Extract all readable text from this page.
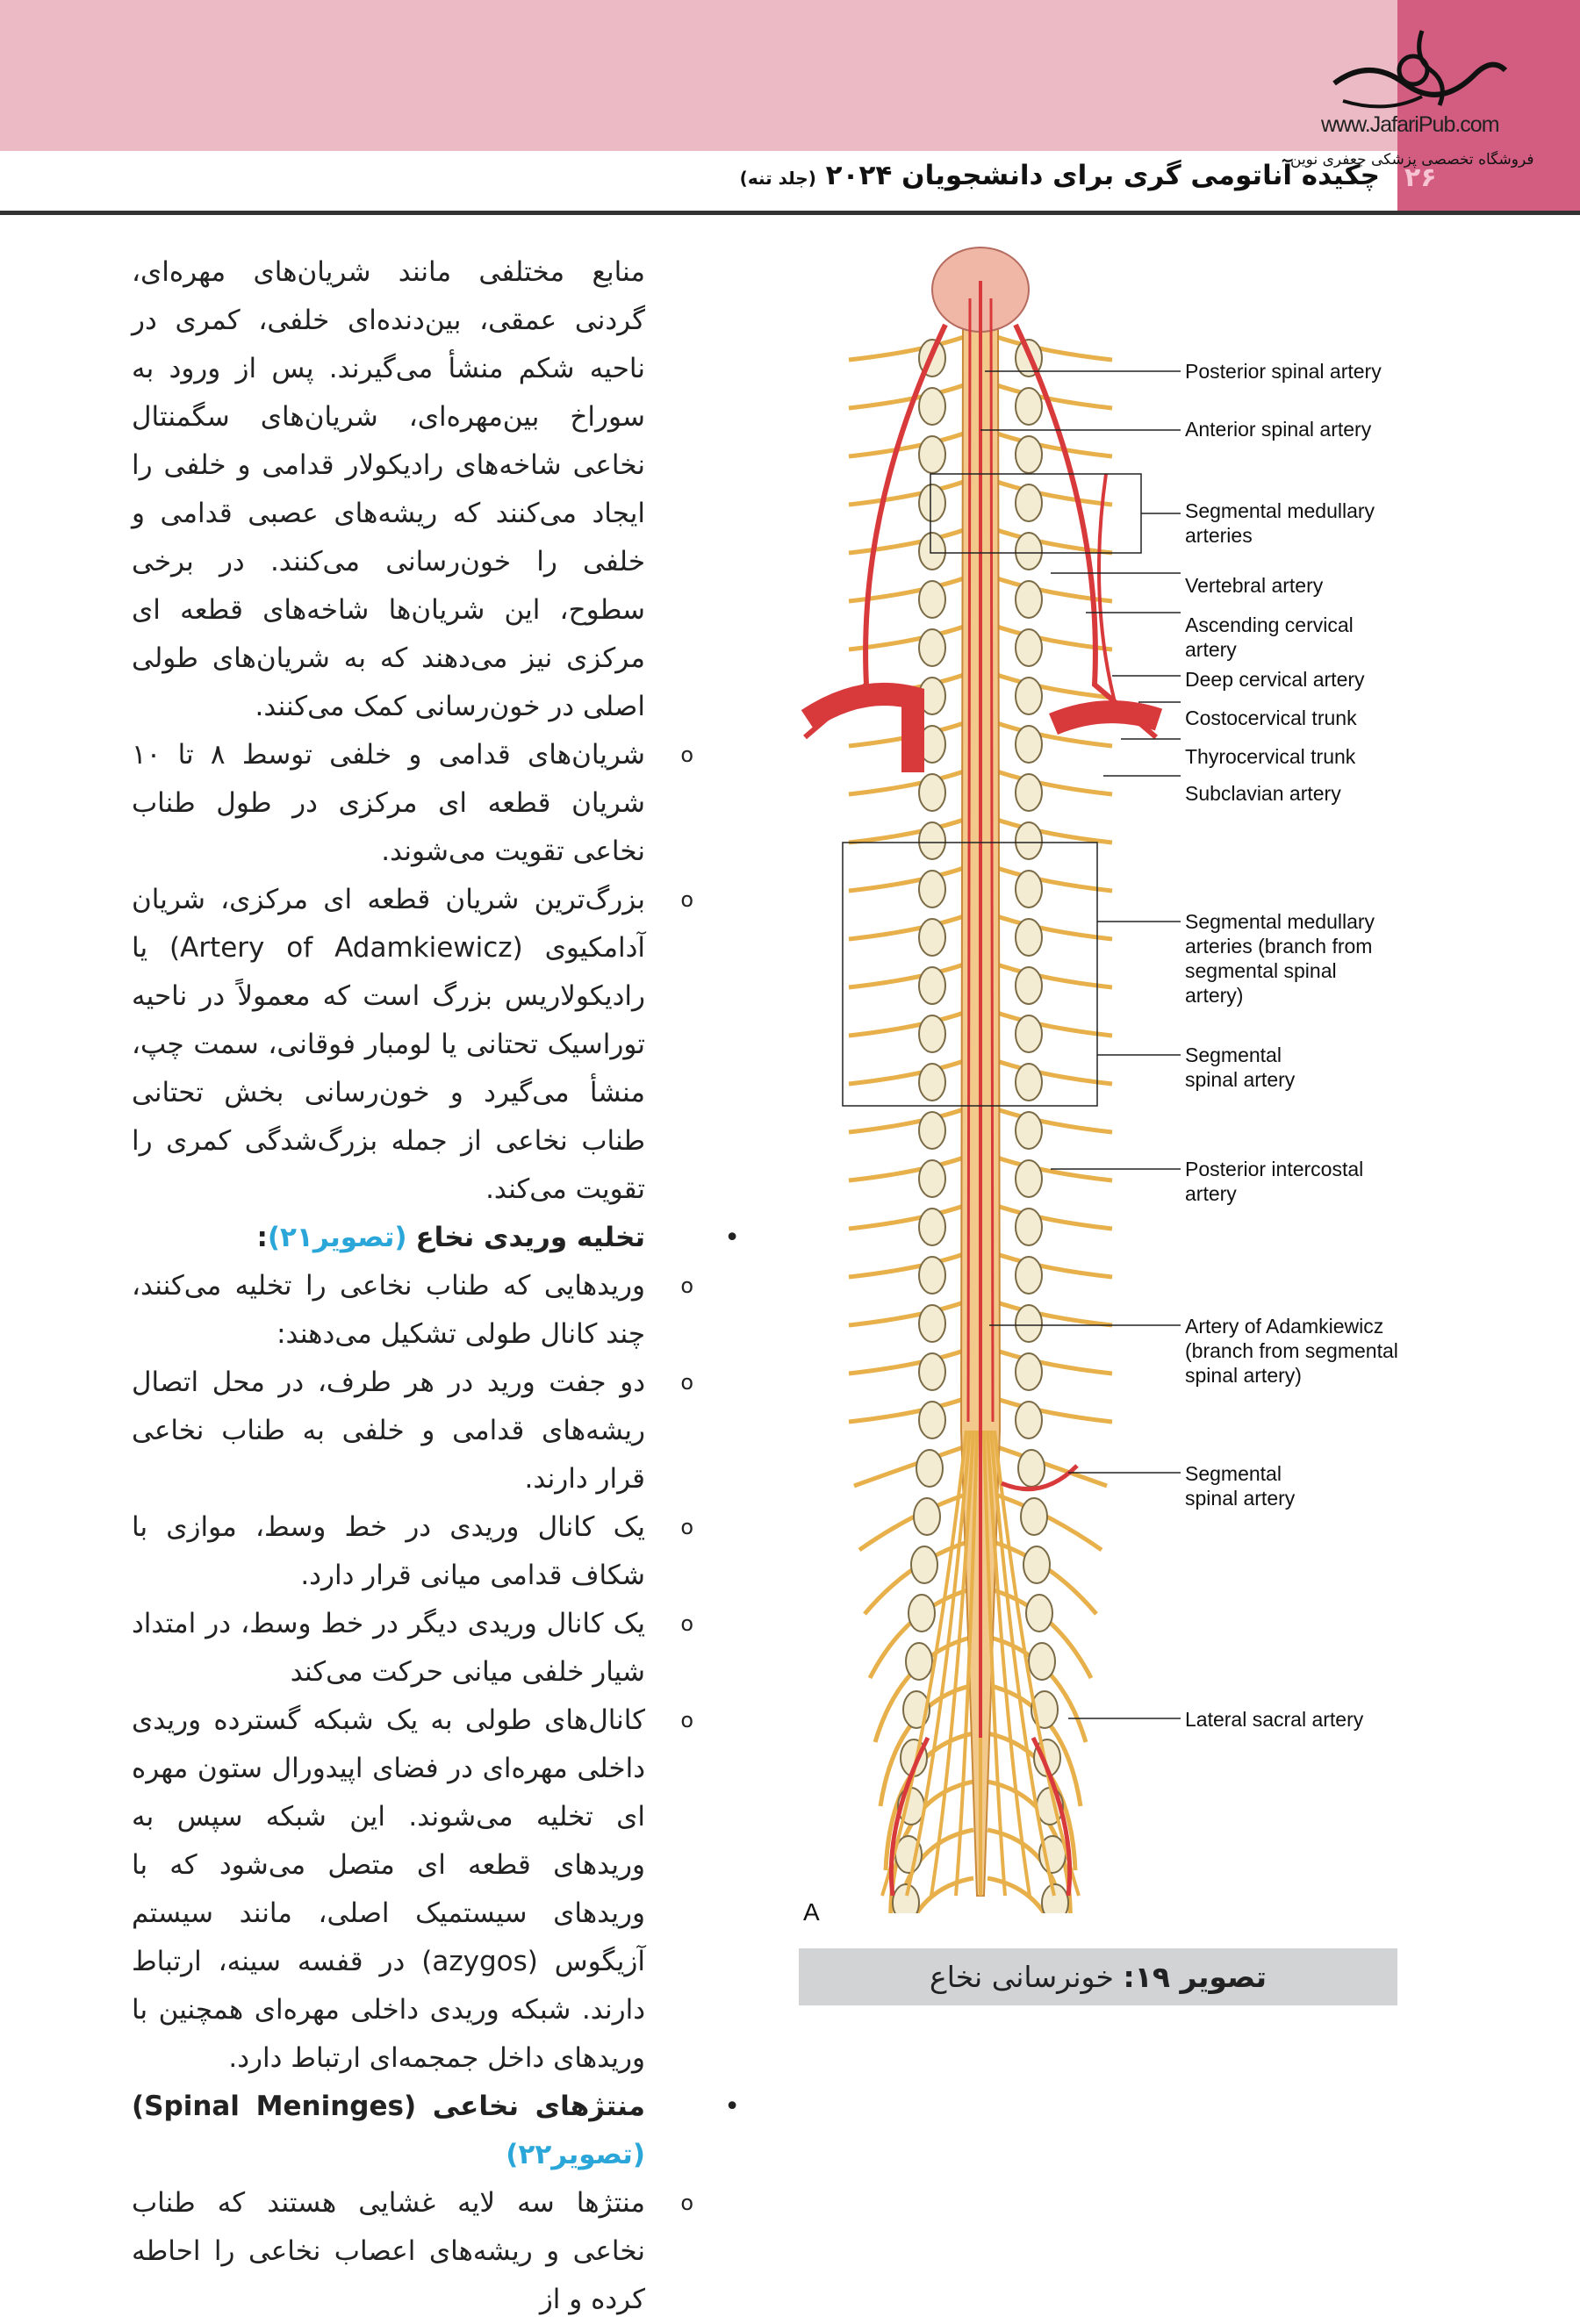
www.JafariPub.com
فروشگاه تخصصی پزشکی جعفری نوین
۲۶
چکیده آناتومی گری برای دانشجویان ۲۰۲۴ (جلد تنه)

منابع مختلفی مانند شریان‌های مهره‌ای، گردنی عمقی، بین‌دنده‌ای خلفی، کمری در ناحیه شکم منشأ می‌گیرند. پس از ورود به سوراخ بین‌مهره‌ای، شریان‌های سگمنتال نخاعی شاخه‌های رادیکولار قدامی و خلفی را ایجاد می‌کنند که ریشه‌های عصبی قدامی و خلفی را خون‌رسانی می‌کنند. در برخی سطوح، این شریان‌ها شاخه‌های قطعه ای مرکزی نیز می‌دهند که به شریان‌های طولی اصلی در خون‌رسانی کمک می‌کنند.

o

شریان‌های قدامی و خلفی توسط ۸ تا ۱۰ شریان قطعه ای مرکزی در طول طناب نخاعی تقویت می‌شوند.

o

بزرگ‌ترین شریان قطعه ای مرکزی، شریان آدامکیوی (Artery of Adamkiewicz) یا رادیکولاریس بزرگ است که معمولاً در ناحیه توراسیک تحتانی یا لومبار فوقانی، سمت چپ، منشأ می‌گیرد و خون‌رسانی بخش تحتانی طناب نخاعی از جمله بزرگ‌شدگی کمری را تقویت می‌کند.

•

تخلیه وریدی نخاع (تصویر۲۱):

o

وریدهایی که طناب نخاعی را تخلیه می‌کنند، چند کانال طولی تشکیل می‌دهند:

o

دو جفت ورید در هر طرف، در محل اتصال ریشه‌های قدامی و خلفی به طناب نخاعی قرار دارند.

o

یک کانال وریدی در خط وسط، موازی با شکاف قدامی میانی قرار دارد.

o

یک کانال وریدی دیگر در خط وسط، در امتداد شیار خلفی میانی حرکت می‌کند

o

کانال‌های طولی به یک شبکه گسترده وریدی داخلی مهره‌ای در فضای اپیدورال ستون مهره ای تخلیه می‌شوند. این شبکه سپس به وریدهای قطعه ای متصل می‌شود که با وریدهای سیستمیک اصلی، مانند سیستم آزیگوس (azygos) در قفسه سینه، ارتباط دارند. شبکه وریدی داخلی مهره‌ای همچنین با وریدهای داخل جمجمه‌ای ارتباط دارد.

•

منتژهای نخاعی (Spinal Meninges)(تصویر۲۲)

o

منتژها سه لایه غشایی هستند که طناب نخاعی و ریشه‌های اعصاب نخاعی را احاطه کرده و از

Posterior spinal artery
Anterior spinal artery
Segmental medullary arteries
Vertebral artery
Ascending cervical artery
Deep cervical artery
Costocervical trunk
Thyrocervical trunk
Subclavian artery
Segmental medullary arteries (branch from segmental spinal artery)
Segmental spinal artery
Posterior intercostal artery
Artery of Adamkiewicz (branch from segmental spinal artery)
Segmental spinal artery
Lateral sacral artery
A
تصویر ۱۹: خونرسانی نخاع
